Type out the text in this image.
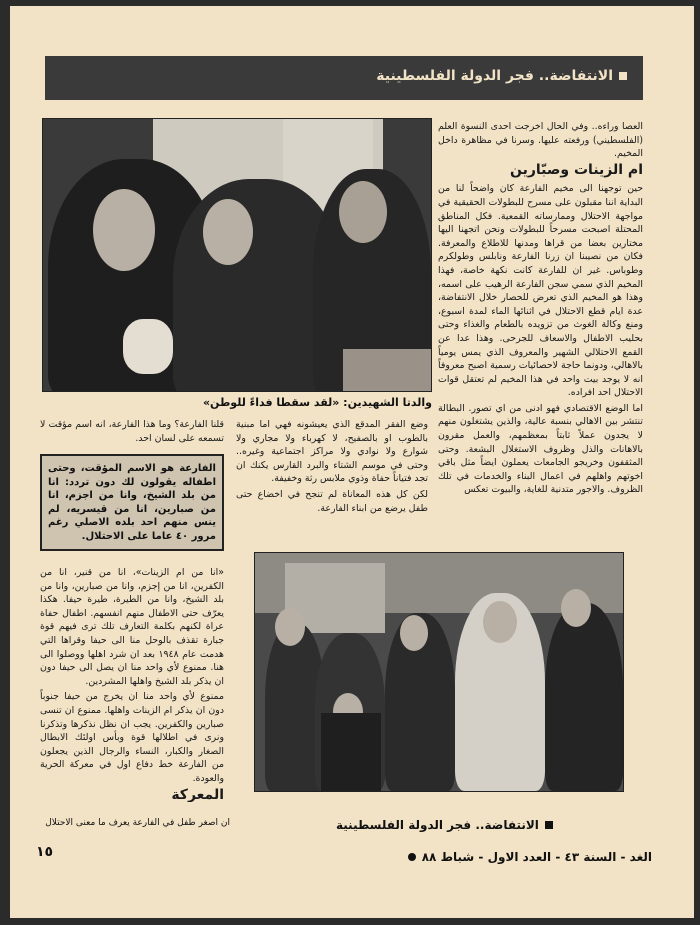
الانتفاضة.. فجر الدولة الفلسطينية
والدتا الشهيدين: «لقد سقطا فداءً للوطن»

العصا وراءه.. وفي الحال اخرجت احدى النسوة العلم (الفلسطيني) ورفعته عليها. وسرنا في مظاهرة داخل المخيم.

ام الزينات وصبّارين

حين توجهنا الى مخيم الفارعة كان واضحاً لنا من البداية اننا مقبلون على مسرح للبطولات الحقيقية في مواجهة الاحتلال وممارساته القمعية. فكل المناطق المحتلة اصبحت مسرحاً للبطولات ونحن اتجهنا اليها مختارين بعضا من قراها ومدنها للاطلاع والمعرفة. فكان من نصيبنا ان زرنا الفارعة ونابلس وطولكرم وطوباس. غير ان للفارعة كانت نكهة خاصة، فهذا المخيم الذي سمي سجن الفارعة الرهيب على اسمه، وهذا هو المخيم الذي تعرض للحصار خلال الانتفاضة، عدة ايام قطع الاحتلال في اثنائها الماء لمدة اسبوع، ومنع وكالة الغوث من تزويده بالطعام والغذاء وحتى بحليب الاطفال والاسعاف للجرحى. وهذا عدا عن القمع الاحتلالي الشهير والمعروف الذي يمس يومياً بالاهالي، ودونما حاجة لاحصائيات رسمية اصبح معروفاً انه لا يوجد بيت واحد في هذا المخيم لم تعتقل قوات الاحتلال احد افراده.

اما الوضع الاقتصادي فهو ادنى من اي تصور. البطالة تنتشر بين الاهالي بنسبة عالية، والذين يشتغلون منهم لا يجدون عملاً ثابتاً بمعظمهم، والعمل مقرون بالاهانات والذل وظروف الاستغلال البشعة. وحتى المثقفون وخريجو الجامعات يعملون ايضاً مثل باقي اخوتهم واهلهم في اعمال البناء والخدمات في تلك الظروف. والاجور متدنية للغاية، والبيوت تعكس

وضع الفقر المدقع الذي يعيشونه فهي اما مبنية بالطوب او بالصفيح، لا كهرباء ولا مجاري ولا شوارع ولا نوادي ولا مراكز اجتماعية وغيره.. وحتى في موسم الشتاء والبرد القارس يكنك ان تجد فتياناً حفاة وذوي ملابس رثة وخفيفة.

لكن كل هذه المعاناة لم تنجح في اخضاع حتى طفل يرضع من ابناء الفارعة.

قلنا الفارعة؟ وما هذا الفارعة، انه اسم مؤقت لا تسمعه على لسان احد.

الفارعة هو الاسم المؤقت، وحتى اطفاله يقولون لك دون تردد: انا من بلد الشيخ، وانا من اجزم، انا من صبارين، انا من قيسريه، لم ينس منهم احد بلده الاصلي رغم مرور ٤٠ عاما على الاحتلال.

«انا من ام الزينات»، انا من قنير، انا من الكفرين، انا من إجزم، وانا من صبارين، وانا من بلد الشيخ، وانا من الطيرة، طيرة حيفا. هكذا يعرّف حتى الاطفال منهم انفسهم. اطفال حفاة عراة لكنهم بكلمة التعارف تلك ترى فيهم قوة جبارة تقذف بالوحل منا الى حيفا وقراها التي هدمت عام ١٩٤٨ بعد ان شرد اهلها ووصلوا الى هنا. ممنوع لأي واحد منا ان يصل الى حيفا دون ان يذكر بلد الشيخ واهلها المشردين.

ممنوع لأي واحد منا ان يخرج من حيفا جنوباً دون ان يذكر ام الزينات واهلها. ممنوع ان تنسى صبارين والكفرين. يجب ان نظل نذكرها وتذكرنا ونرى في اطلالها قوة وبأس اولئك الابطال الصغار والكبار، النساء والرجال الذين يجعلون من الفارعة خط دفاع اول في معركة الحرية والعودة.

المعركة
ان اصغر طفل في الفارعة يعرف ما معنى الاحتلال	الانتفاضة.. فجر الدولة الفلسطينية
الغد - السنة ٤٣ - العدد الاول - شباط ٨٨
١٥
